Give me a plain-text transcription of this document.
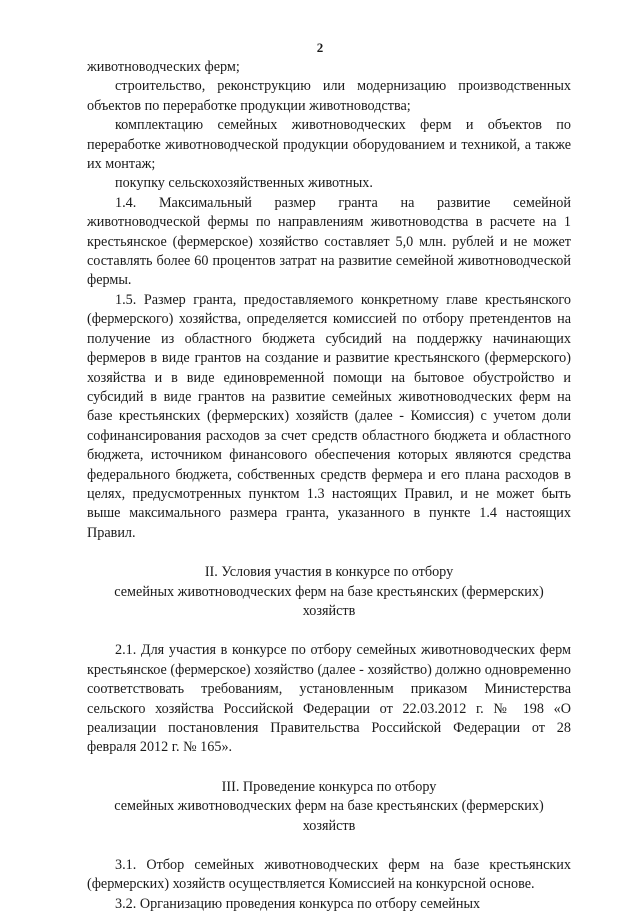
2

животноводческих ферм;

строительство, реконструкцию или модернизацию производственных объектов по переработке продукции животноводства;

комплектацию семейных животноводческих ферм и объектов по переработке животноводческой продукции оборудованием и техникой, а также их монтаж;

покупку сельскохозяйственных животных.

1.4. Максимальный размер гранта на развитие семейной животноводческой фермы по направлениям животноводства в расчете на 1 крестьянское (фермерское) хозяйство составляет 5,0 млн. рублей и не может составлять более 60 процентов затрат на развитие семейной животноводческой фермы.

1.5. Размер гранта, предоставляемого конкретному главе крестьянского (фермерского) хозяйства, определяется комиссией по отбору претендентов на получение из областного бюджета субсидий на поддержку начинающих фермеров в виде грантов на создание и развитие крестьянского (фермерского) хозяйства и в виде единовременной помощи на бытовое обустройство и субсидий в виде грантов на развитие семейных животноводческих ферм на базе крестьянских (фермерских) хозяйств (далее - Комиссия) с учетом доли софинансирования расходов за счет средств областного бюджета и областного бюджета, источником финансового обеспечения которых являются средства федерального бюджета, собственных средств фермера и его плана расходов в целях, предусмотренных пунктом 1.3 настоящих Правил, и не может быть выше максимального размера гранта, указанного в пункте 1.4 настоящих Правил.

II. Условия участия в конкурсе по отбору

семейных животноводческих ферм на базе крестьянских (фермерских)

хозяйств

2.1. Для участия в конкурсе по отбору семейных животноводческих ферм крестьянское (фермерское) хозяйство (далее - хозяйство) должно одновременно соответствовать требованиям, установленным приказом Министерства сельского хозяйства Российской Федерации от 22.03.2012 г. № 198 «О реализации постановления Правительства Российской Федерации от 28 февраля 2012 г. № 165».

III. Проведение конкурса по отбору

семейных животноводческих ферм на базе крестьянских (фермерских)

хозяйств

3.1. Отбор семейных животноводческих ферм на базе крестьянских (фермерских) хозяйств осуществляется Комиссией на конкурсной основе.

3.2. Организацию проведения конкурса по отбору семейных
